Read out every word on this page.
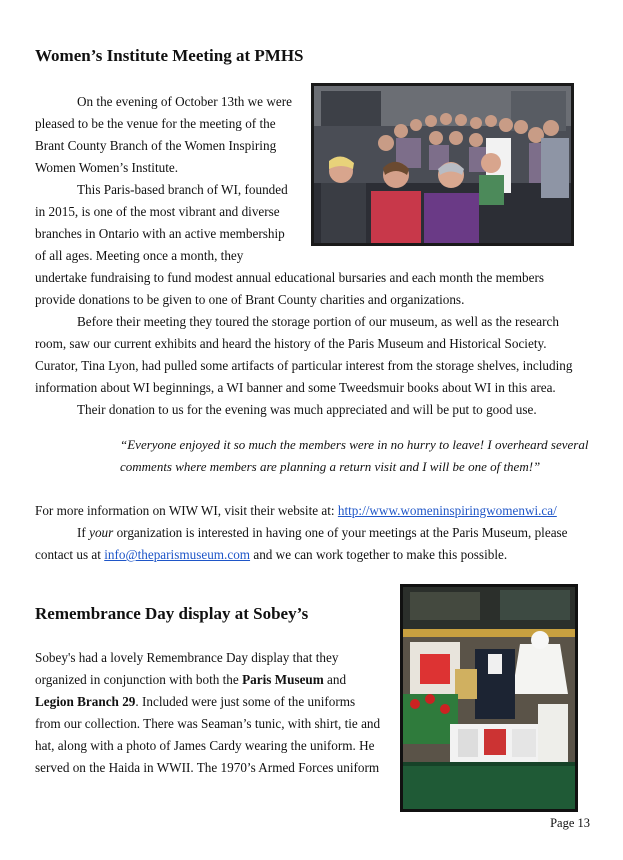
Women’s Institute Meeting at PMHS
On the evening of October 13th we were
pleased to be the venue for the meeting of the
Brant County Branch of the Women Inspiring
Women Women’s Institute.
This Paris-based branch of WI, founded
in 2015, is one of the most vibrant and diverse
branches in Ontario with an active membership
of all ages. Meeting once a month, they
undertake fundraising to fund modest annual educational bursaries and each month the members
provide donations to be given to one of Brant County charities and organizations.
Before their meeting they toured the storage portion of our museum, as well as the research
room, saw our current exhibits and heard the history of the Paris Museum and Historical Society.
Curator, Tina Lyon, had pulled some artifacts of particular interest from the storage shelves, including
information about WI beginnings, a WI banner and some Tweedsmuir books about WI in this area.
Their donation to us for the evening was much appreciated and will be put to good use.
“Everyone enjoyed it so much the members were in no hurry to leave! I overheard several
comments where members are planning a return visit and I will be one of them!”
For more information on WIW WI, visit their website at: http://www.womeninspiringwomenwi.ca/
If your organization is interested in having one of your meetings at the Paris Museum, please
contact us at info@theparismuseum.com and we can work together to make this possible.
Remembrance Day display at Sobey’s
Sobey's had a lovely Remembrance Day display that they
organized in conjunction with both the Paris Museum and
Legion Branch 29. Included were just some of the uniforms
from our collection. There was Seaman’s tunic, with shirt, tie and
hat, along with a photo of James Cardy wearing the uniform. He
served on the Haida in WWII. The 1970’s Armed Forces uniform
Page 13
